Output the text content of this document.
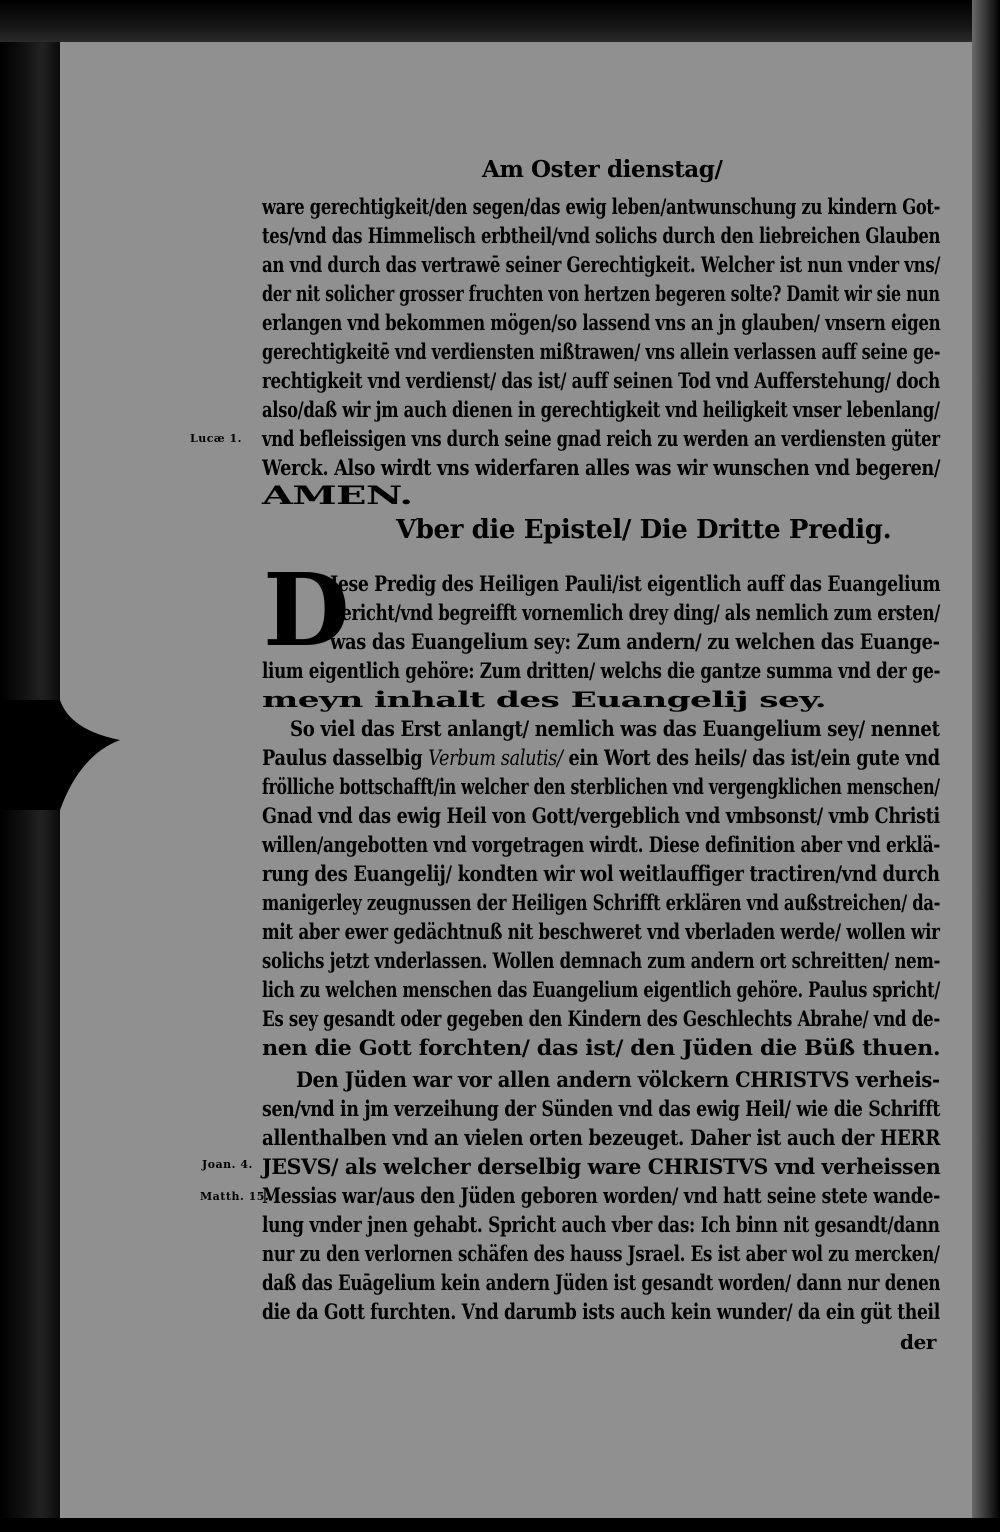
Am Oster dienstag/
ware gerechtigkeit/den segen/das ewig leben/antwunschung zu kindern Got-
tes/vnd das Himmelisch erbtheil/vnd solichs durch den liebreichen Glauben
an vnd durch das vertrawē seiner Gerechtigkeit. Welcher ist nun vnder vns/
der nit solicher grosser fruchten von hertzen begeren solte? Damit wir sie nun
erlangen vnd bekommen mögen/so lassend vns an jn glauben/ vnsern eigen
gerechtigkeitē vnd verdiensten mißtrawen/ vns allein verlassen auff seine ge-
rechtigkeit vnd verdienst/ das ist/ auff seinen Tod vnd Aufferstehung/ doch
also/daß wir jm auch dienen in gerechtigkeit vnd heiligkeit vnser lebenlang/
vnd befleissigen vns durch seine gnad reich zu werden an verdiensten güter
Werck. Also wirdt vns widerfaren alles was wir wunschen vnd begeren/
AMEN.
Lucæ 1.
Vber die Epistel/ Die Dritte Predig.
D
Jese Predig des Heiligen Pauli/ist eigentlich auff das Euangelium
gericht/vnd begreifft vornemlich drey ding/ als nemlich zum ersten/
was das Euangelium sey: Zum andern/ zu welchen das Euange-
lium eigentlich gehöre: Zum dritten/ welchs die gantze summa vnd der ge-
meyn inhalt des Euangelij sey.
So viel das Erst anlangt/ nemlich was das Euangelium sey/ nennet
Paulus dasselbig Verbum salutis/ ein Wort des heils/ das ist/ein gute vnd
frölliche bottschafft/in welcher den sterblichen vnd vergengklichen menschen/
Gnad vnd das ewig Heil von Gott/vergeblich vnd vmbsonst/ vmb Christi
willen/angebotten vnd vorgetragen wirdt. Diese definition aber vnd erklä-
rung des Euangelij/ kondten wir wol weitlauffiger tractiren/vnd durch
manigerley zeugnussen der Heiligen Schrifft erklären vnd außstreichen/ da-
mit aber ewer gedächtnuß nit beschweret vnd vberladen werde/ wollen wir
solichs jetzt vnderlassen. Wollen demnach zum andern ort schreitten/ nem-
lich zu welchen menschen das Euangelium eigentlich gehöre. Paulus spricht/
Es sey gesandt oder gegeben den Kindern des Geschlechts Abrahe/ vnd de-
nen die Gott forchten/ das ist/ den Jüden die Büß thuen.
Den Jüden war vor allen andern völckern CHRISTVS verheis-
sen/vnd in jm verzeihung der Sünden vnd das ewig Heil/ wie die Schrifft
allenthalben vnd an vielen orten bezeuget. Daher ist auch der HERR
JESVS/ als welcher derselbig ware CHRISTVS vnd verheissen
Messias war/aus den Jüden geboren worden/ vnd hatt seine stete wande-
lung vnder jnen gehabt. Spricht auch vber das: Ich binn nit gesandt/dann
nur zu den verlornen schäfen des hauss Jsrael. Es ist aber wol zu mercken/
daß das Euāgelium kein andern Jüden ist gesandt worden/ dann nur denen
die da Gott furchten. Vnd darumb ists auch kein wunder/ da ein güt theil
Joan. 4.
Matth. 15.
der
